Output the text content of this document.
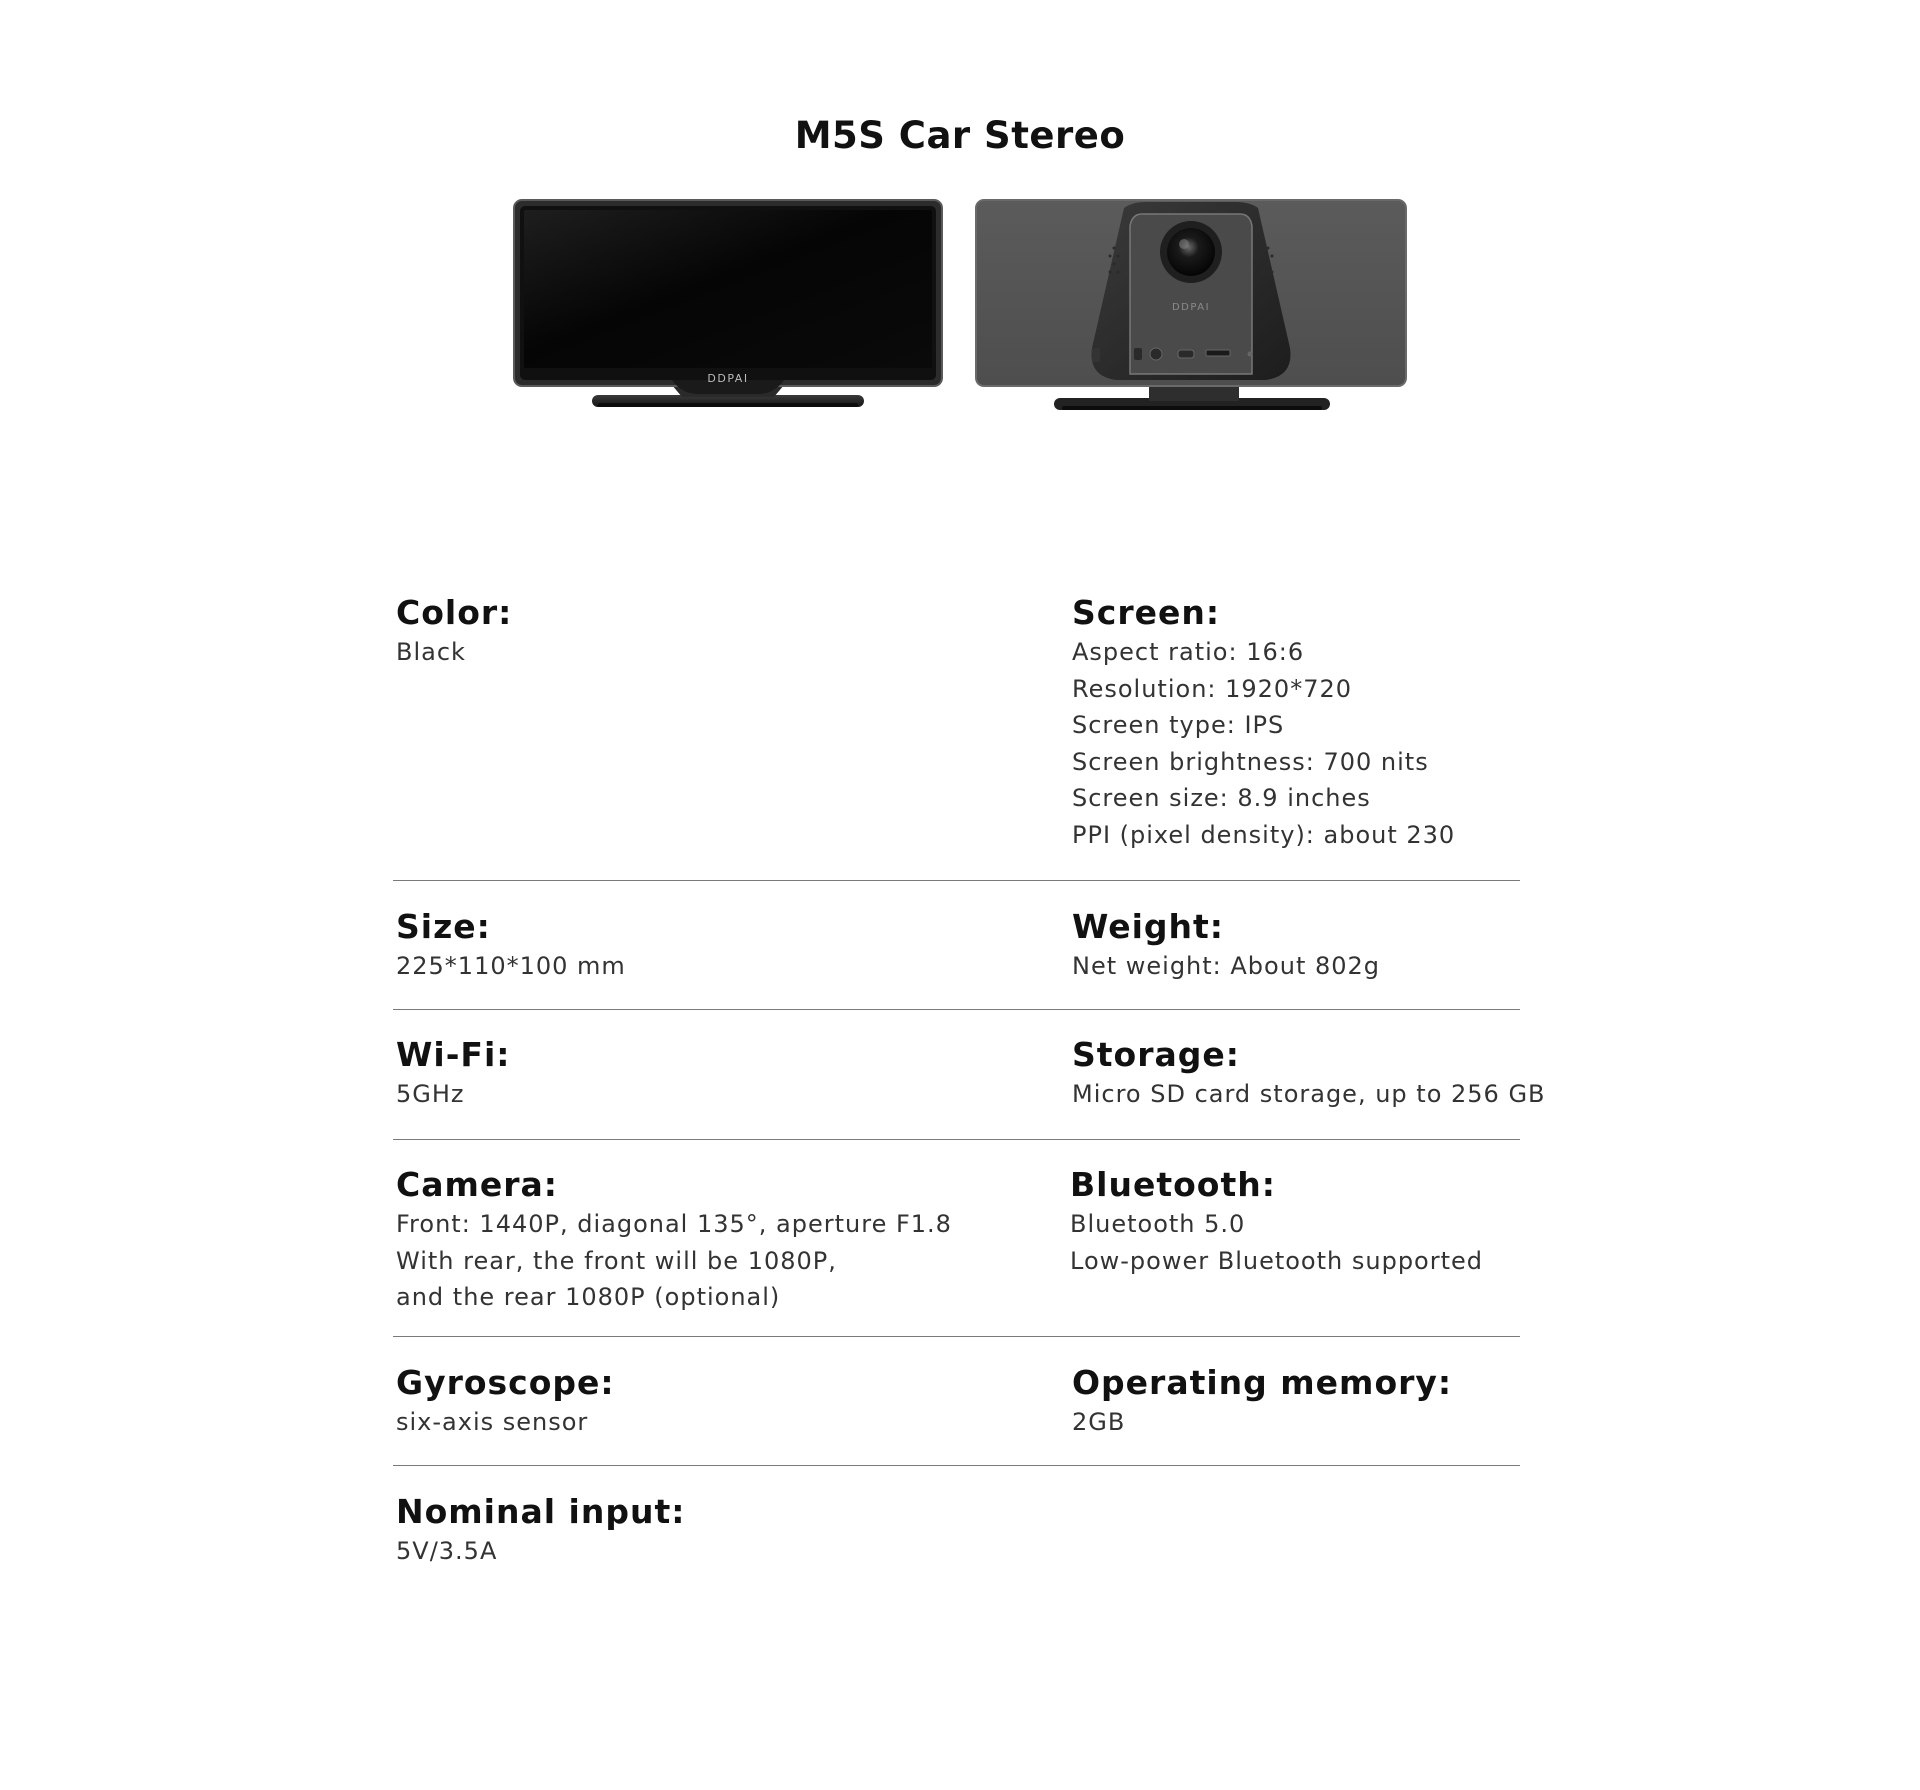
M5S Car Stereo
DDPAI
DDPAI
Color:
Black
Screen:
Aspect ratio: 16:6
Resolution: 1920*720
Screen type: IPS
Screen brightness: 700 nits
Screen size: 8.9 inches
PPI (pixel density): about 230
Size:
225*110*100 mm
Weight:
Net weight: About 802g
Wi-Fi:
5GHz
Storage:
Micro SD card storage, up to 256 GB
Camera:
Front: 1440P, diagonal 135°, aperture F1.8
With rear, the front will be 1080P,
and the rear 1080P (optional)
Bluetooth:
Bluetooth 5.0
Low-power Bluetooth supported
Gyroscope:
six-axis sensor
Operating memory:
2GB
Nominal input:
5V/3.5A
